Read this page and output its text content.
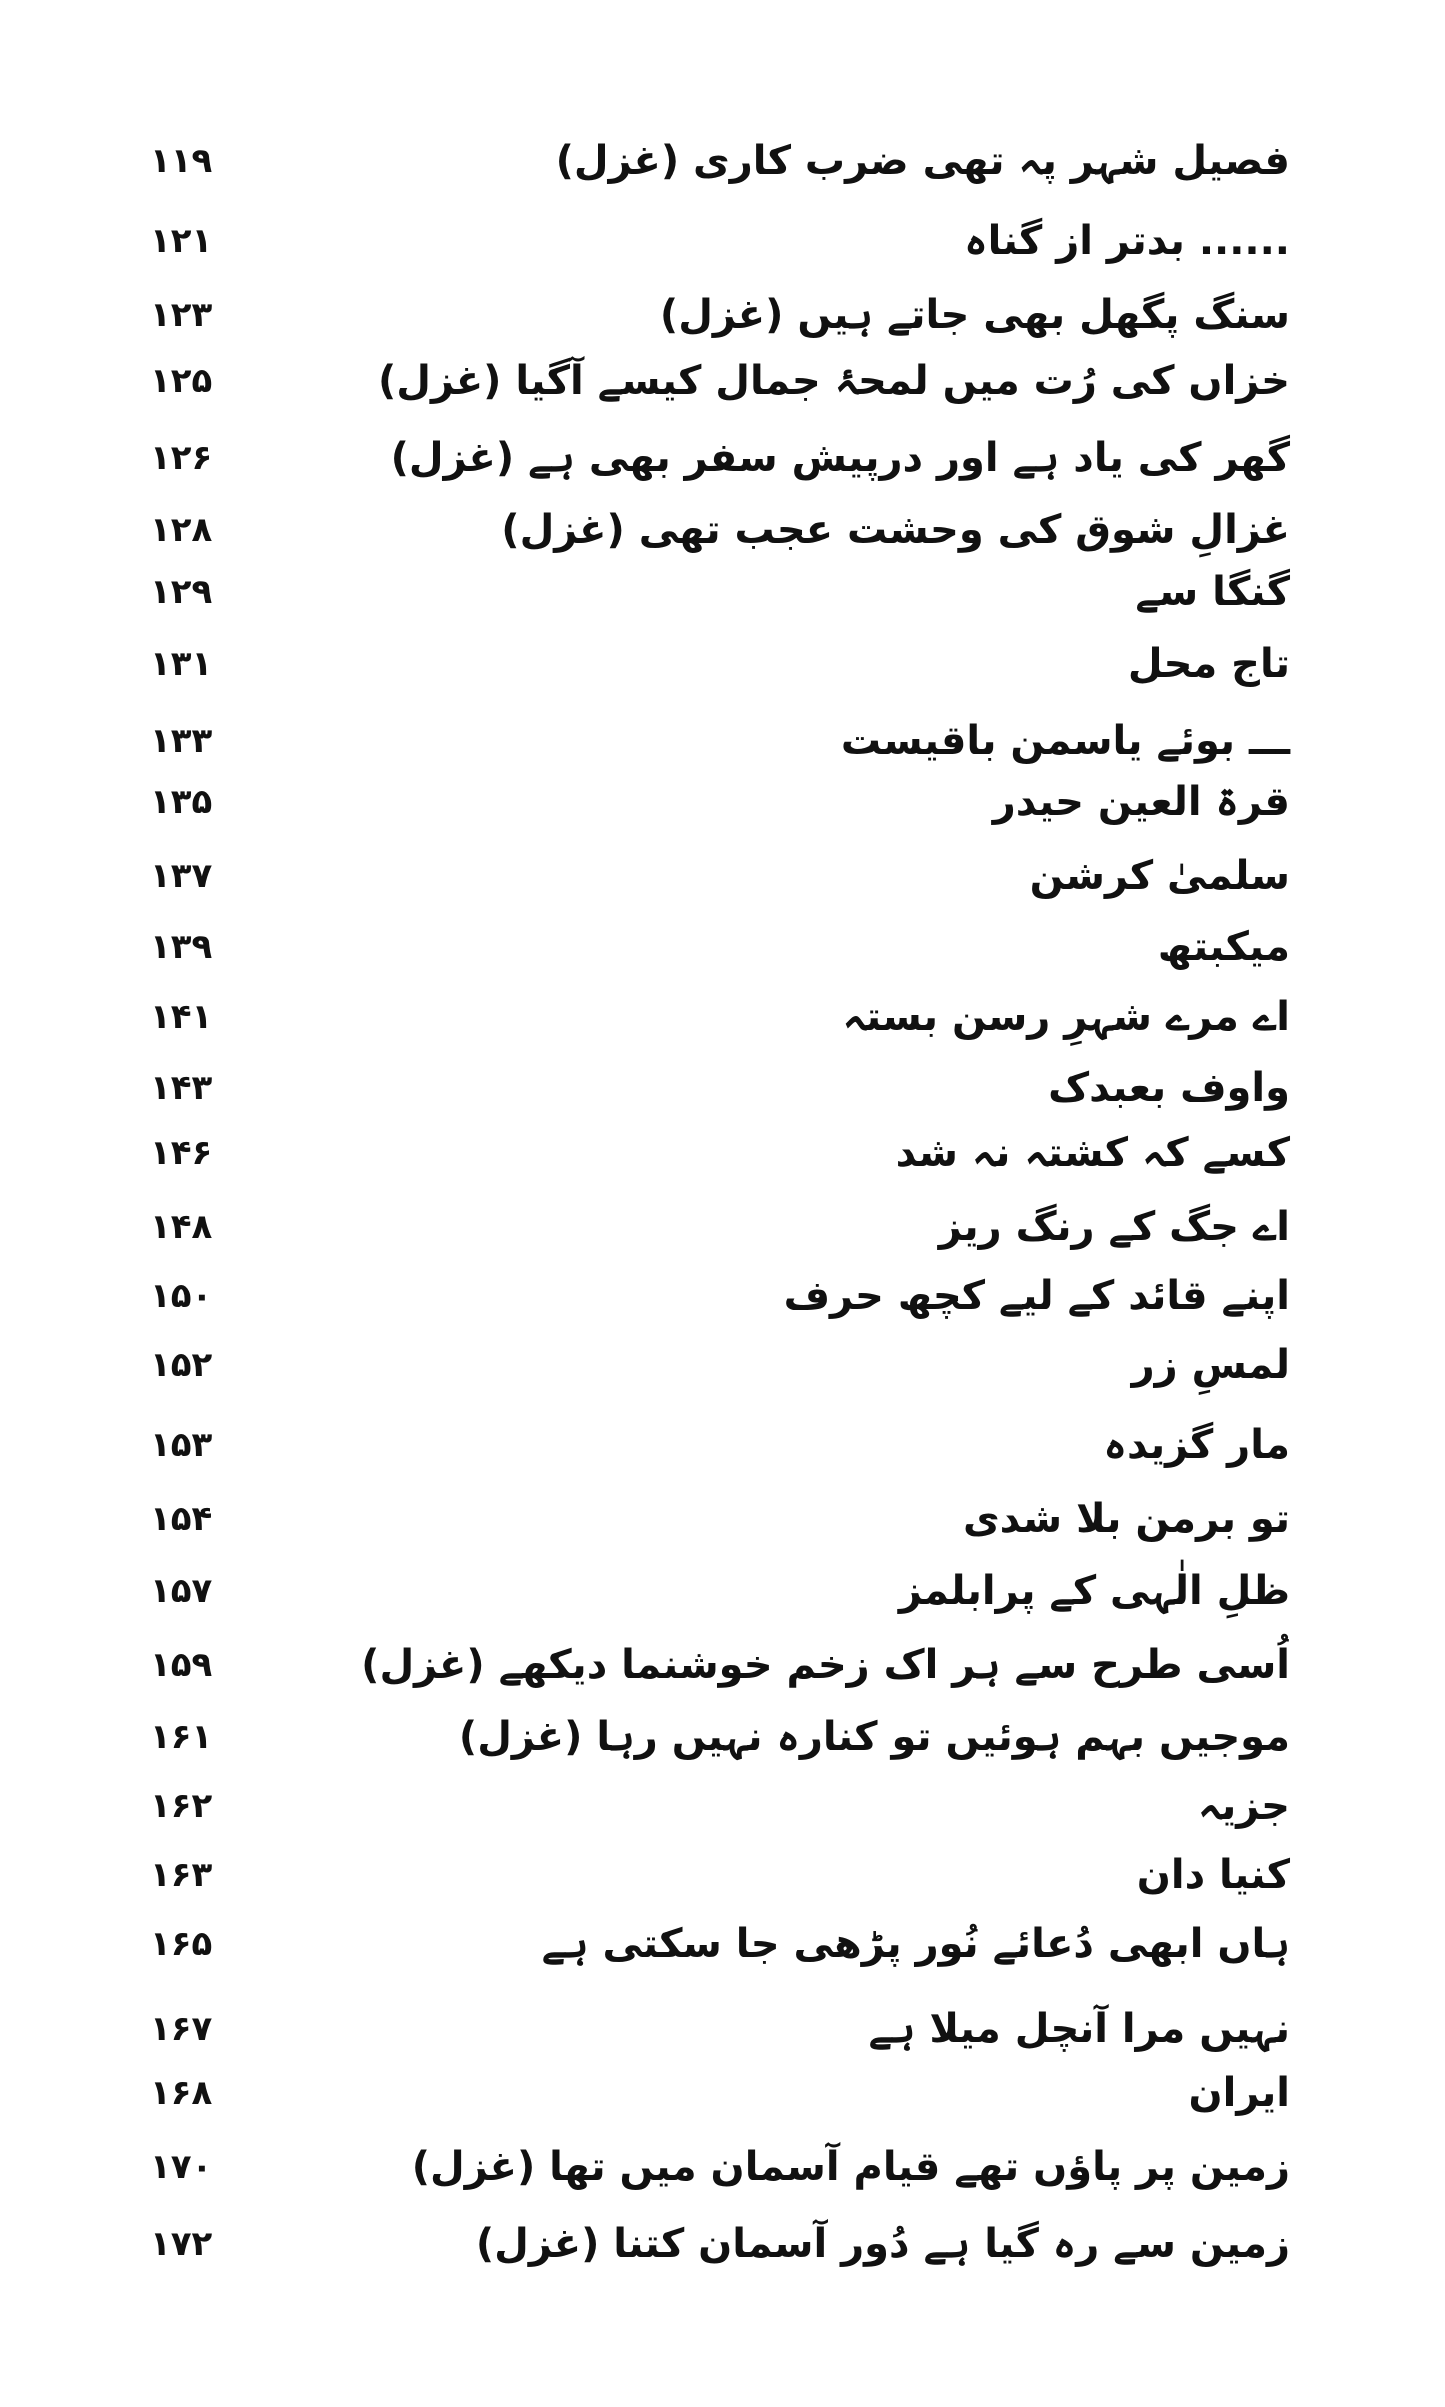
فصیل شہر پہ تھی ضرب کاری (غزل)
۱۱۹
...... بدتر از گناہ
۱۲۱
سنگ پگھل بھی جاتے ہیں (غزل)
۱۲۳
خزاں کی رُت میں لمحۂ جمال کیسے آگیا (غزل)
۱۲۵
گھر کی یاد ہے اور درپیش سفر بھی ہے (غزل)
۱۲۶
غزالِ شوق کی وحشت عجب تھی (غزل)
۱۲۸
گنگا سے
۱۲۹
تاج محل
۱۳۱
ـــ بوئے یاسمن باقیست
۱۳۳
قرۃ العین حیدر
۱۳۵
سلمیٰ کرشن
۱۳۷
میکبتھ
۱۳۹
اے مرے شہرِ رسن بستہ
۱۴۱
واوف بعبدک
۱۴۳
کسے کہ کشتہ نہ شد
۱۴۶
اے جگ کے رنگ ریز
۱۴۸
اپنے قائد کے لیے کچھ حرف
۱۵۰
لمسِ زر
۱۵۲
مار گزیدہ
۱۵۳
تو برمن بلا شدی
۱۵۴
ظلِ الٰہی کے پرابلمز
۱۵۷
اُسی طرح سے ہر اک زخم خوشنما دیکھے (غزل)
۱۵۹
موجیں بہم ہوئیں تو کنارہ نہیں رہا (غزل)
۱۶۱
جزیہ
۱۶۲
کنیا دان
۱۶۳
ہاں ابھی دُعائے نُور پڑھی جا سکتی ہے
۱۶۵
نہیں مرا آنچل میلا ہے
۱۶۷
ایران
۱۶۸
زمین پر پاؤں تھے قیام آسمان میں تھا (غزل)
۱۷۰
زمین سے رہ گیا ہے دُور آسمان کتنا (غزل)
۱۷۲
